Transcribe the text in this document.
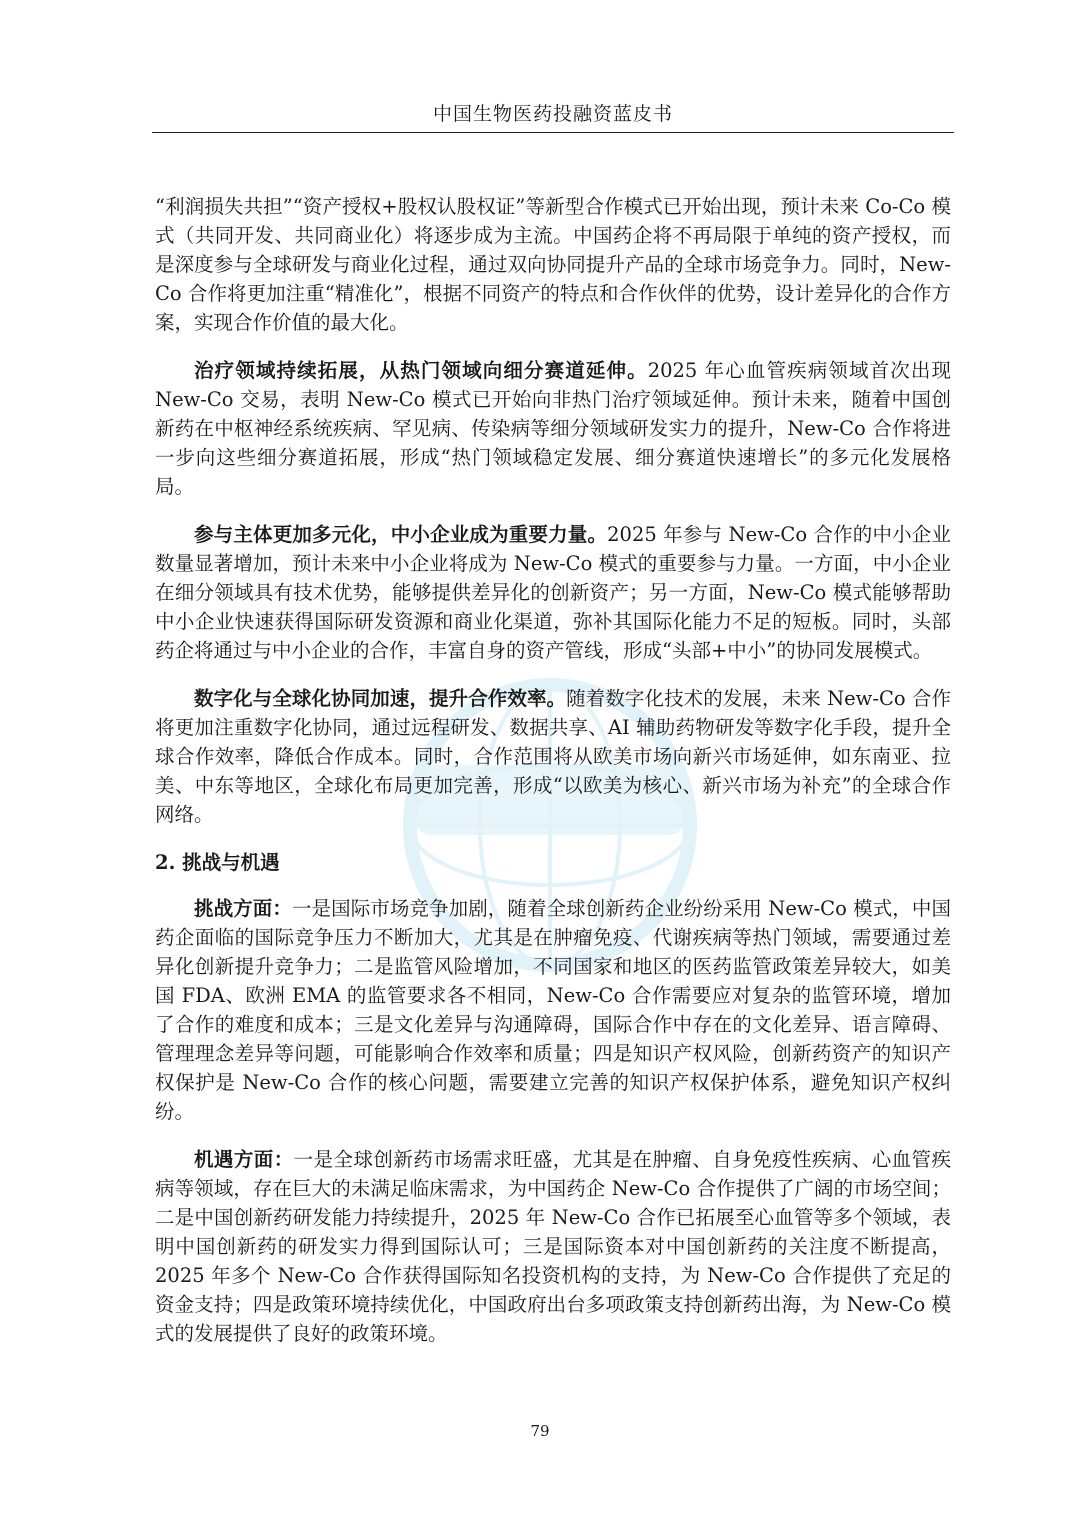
中国生物医药投融资蓝皮书

“利润损失共担”“资产授权+股权认股权证”等新型合作模式已开始出现，预计未来 Co-Co 模式（共同开发、共同商业化）将逐步成为主流。中国药企将不再局限于单纯的资产授权，而是深度参与全球研发与商业化过程，通过双向协同提升产品的全球市场竞争力。同时，New-Co 合作将更加注重“精准化”，根据不同资产的特点和合作伙伴的优势，设计差异化的合作方案，实现合作价值的最大化。

治疗领域持续拓展，从热门领域向细分赛道延伸。2025 年心血管疾病领域首次出现 New-Co 交易，表明 New-Co 模式已开始向非热门治疗领域延伸。预计未来，随着中国创新药在中枢神经系统疾病、罕见病、传染病等细分领域研发实力的提升，New-Co 合作将进一步向这些细分赛道拓展，形成“热门领域稳定发展、细分赛道快速增长”的多元化发展格局。

参与主体更加多元化，中小企业成为重要力量。2025 年参与 New-Co 合作的中小企业数量显著增加，预计未来中小企业将成为 New-Co 模式的重要参与力量。一方面，中小企业在细分领域具有技术优势，能够提供差异化的创新资产；另一方面，New-Co 模式能够帮助中小企业快速获得国际研发资源和商业化渠道，弥补其国际化能力不足的短板。同时，头部药企将通过与中小企业的合作，丰富自身的资产管线，形成“头部+中小”的协同发展模式。

数字化与全球化协同加速，提升合作效率。随着数字化技术的发展，未来 New-Co 合作将更加注重数字化协同，通过远程研发、数据共享、AI 辅助药物研发等数字化手段，提升全球合作效率，降低合作成本。同时，合作范围将从欧美市场向新兴市场延伸，如东南亚、拉美、中东等地区，全球化布局更加完善，形成“以欧美为核心、新兴市场为补充”的全球合作网络。

2. 挑战与机遇

挑战方面：一是国际市场竞争加剧，随着全球创新药企业纷纷采用 New-Co 模式，中国药企面临的国际竞争压力不断加大，尤其是在肿瘤免疫、代谢疾病等热门领域，需要通过差异化创新提升竞争力；二是监管风险增加，不同国家和地区的医药监管政策差异较大，如美国 FDA、欧洲 EMA 的监管要求各不相同，New-Co 合作需要应对复杂的监管环境，增加了合作的难度和成本；三是文化差异与沟通障碍，国际合作中存在的文化差异、语言障碍、管理理念差异等问题，可能影响合作效率和质量；四是知识产权风险，创新药资产的知识产权保护是 New-Co 合作的核心问题，需要建立完善的知识产权保护体系，避免知识产权纠纷。

机遇方面：一是全球创新药市场需求旺盛，尤其是在肿瘤、自身免疫性疾病、心血管疾病等领域，存在巨大的未满足临床需求，为中国药企 New-Co 合作提供了广阔的市场空间；二是中国创新药研发能力持续提升，2025 年 New-Co 合作已拓展至心血管等多个领域，表明中国创新药的研发实力得到国际认可；三是国际资本对中国创新药的关注度不断提高，2025 年多个 New-Co 合作获得国际知名投资机构的支持，为 New-Co 合作提供了充足的资金支持；四是政策环境持续优化，中国政府出台多项政策支持创新药出海，为 New-Co 模式的发展提供了良好的政策环境。

79
